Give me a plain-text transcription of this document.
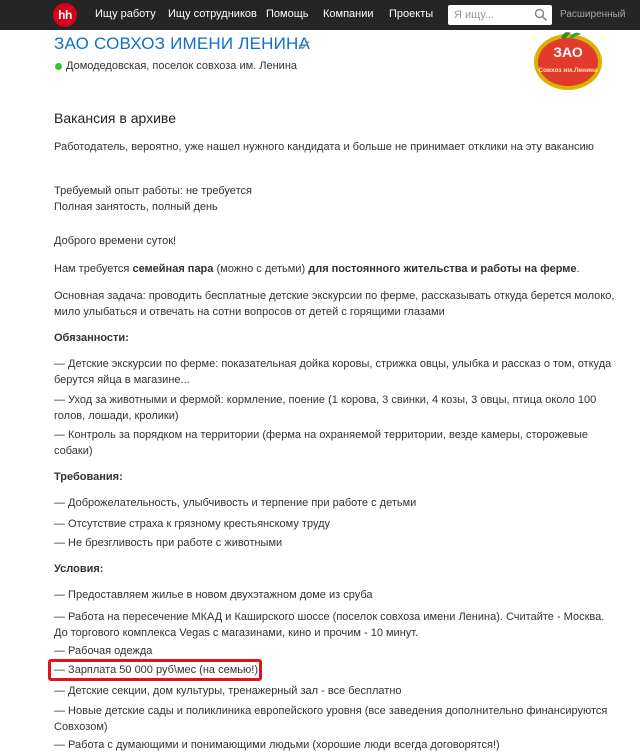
hh	Ищу работу Ищу сотрудников Помощь Компании Проекты
Я ищу...	Расширенный
ЗАО СОВХОЗ ИМЕНИ ЛЕНИНА
Домодедовская, поселок совхоза им. Ленина
ЗАО
Совхоз им.Ленина
Вакансия в архиве
Работодатель, вероятно, уже нашел нужного кандидата и больше не принимает отклики на эту вакансию
Требуемый опыт работы: не требуется
Полная занятость, полный день
Доброго времени суток!
Нам требуется семейная пара (можно с детьми) для постоянного жительства и работы на ферме.
Основная задача: проводить бесплатные детские экскурсии по ферме, рассказывать откуда берется молоко, мило улыбаться и отвечать на сотни вопросов от детей с горящими глазами
Обязанности:
— Детские экскурсии по ферме: показательная дойка коровы, стрижка овцы, улыбка и рассказ о том, откуда берутся яйца в магазине...
— Уход за животными и фермой: кормление, поение (1 корова, 3 свинки, 4 козы, 3 овцы, птица около 100 голов, лошади, кролики)
— Контроль за порядком на территории (ферма на охраняемой территории, везде камеры, сторожевые собаки)
Требования:
— Доброжелательность, улыбчивость и терпение при работе с детьми
— Отсутствие страха к грязному крестьянскому труду
— Не брезгливость при работе с животными
Условия:
— Предоставляем жилье в новом двухэтажном доме из сруба
— Работа на пересечение МКАД и Каширского шоссе (поселок совхоза имени Ленина). Считайте - Москва. До торгового комплекса Vegas с магазинами, кино и прочим - 10 минут.
— Рабочая одежда
— Зарплата 50 000 руб\мес (на семью!)
— Детские секции, дом культуры, тренажерный зал - все бесплатно
— Новые детские сады и поликлиника европейского уровня (все заведения дополнительно финансируются Совхозом)
— Работа с думающими и понимающими людьми (хорошие люди всегда договорятся!)
